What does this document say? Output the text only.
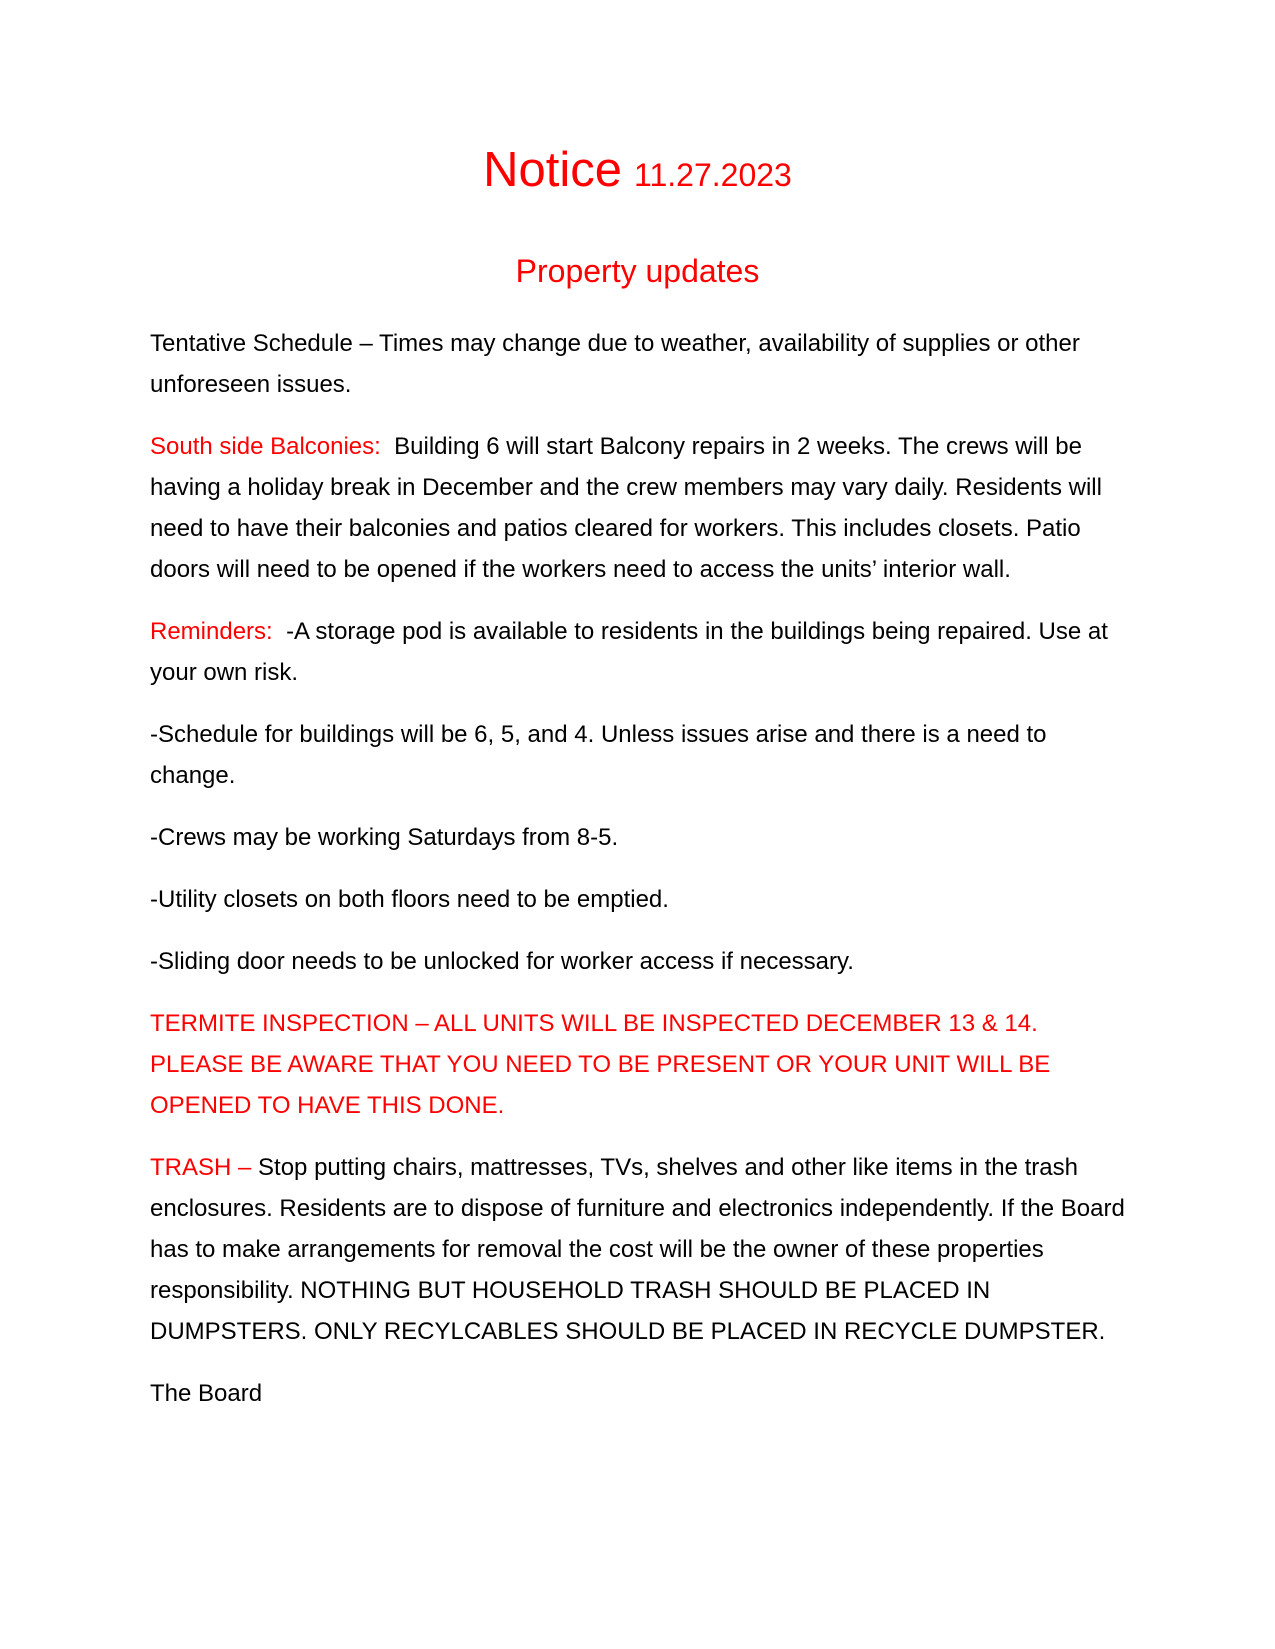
Notice 11.27.2023
Property updates

Tentative Schedule – Times may change due to weather, availability of supplies or other unforeseen issues.

South side Balconies: Building 6 will start Balcony repairs in 2 weeks. The crews will be having a holiday break in December and the crew members may vary daily. Residents will need to have their balconies and patios cleared for workers. This includes closets. Patio doors will need to be opened if the workers need to access the units’ interior wall.

Reminders: -A storage pod is available to residents in the buildings being repaired. Use at your own risk.

-Schedule for buildings will be 6, 5, and 4. Unless issues arise and there is a need to change.

-Crews may be working Saturdays from 8-5.

-Utility closets on both floors need to be emptied.

-Sliding door needs to be unlocked for worker access if necessary.

TERMITE INSPECTION – ALL UNITS WILL BE INSPECTED DECEMBER 13 & 14. PLEASE BE AWARE THAT YOU NEED TO BE PRESENT OR YOUR UNIT WILL BE OPENED TO HAVE THIS DONE.

TRASH – Stop putting chairs, mattresses, TVs, shelves and other like items in the trash enclosures. Residents are to dispose of furniture and electronics independently. If the Board has to make arrangements for removal the cost will be the owner of these properties responsibility. NOTHING BUT HOUSEHOLD TRASH SHOULD BE PLACED IN DUMPSTERS. ONLY RECYLCABLES SHOULD BE PLACED IN RECYCLE DUMPSTER.

The Board
